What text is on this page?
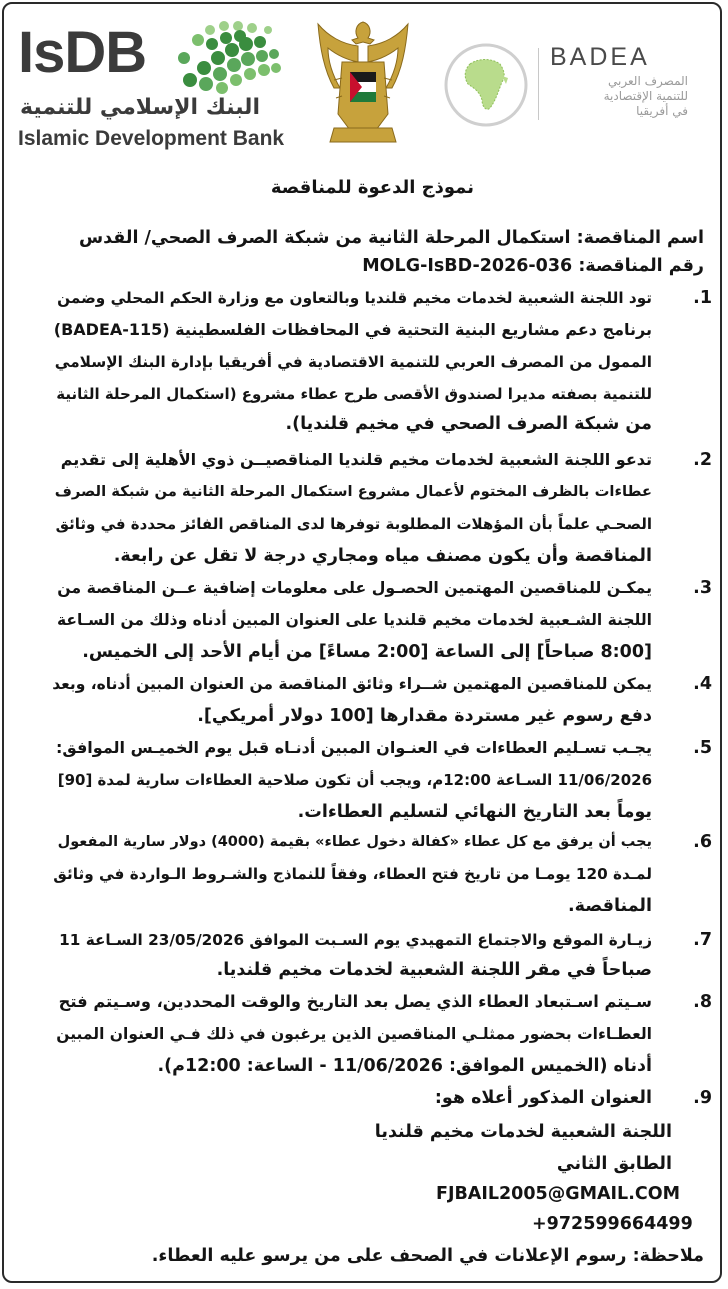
IsDB
البنك الإسلامي للتنمية
Islamic Development Bank
BADEA
المصرف العربي
للتنمية الإقتصادية
في أفريقيا
نموذج الدعوة للمناقصة
اسم المناقصة: استكمال المرحلة الثانية من شبكة الصرف الصحي/ القدس
رقم المناقصة: MOLG-IsBD-2026-036
.1
تود اللجنة الشعبية لخدمات مخيم قلنديا وبالتعاون مع وزارة الحكم المحلي وضمن
برنامج دعم مشاريع البنية التحتية في المحافظات الفلسطينية (BADEA-115)
الممول من المصرف العربي للتنمية الاقتصادية في أفريقيا بإدارة البنك الإسلامي
للتنمية بصفته مديرا لصندوق الأقصى طرح عطاء مشروع (استكمال المرحلة الثانية
من شبكة الصرف الصحي في مخيم قلنديا).
.2
تدعو اللجنة الشعبية لخدمات مخيم قلنديا المناقصيــن ذوي الأهلية إلى تقديم
عطاءات بالظرف المختوم لأعمال مشروع استكمال المرحلة الثانية من شبكة الصرف
الصحـي علماً بأن المؤهلات المطلوبة توفرها لدى المناقص الفائز محددة في وثائق
المناقصة وأن يكون مصنف مياه ومجاري درجة لا تقل عن رابعة.
.3
يمكـن للمناقصين المهتمين الحصـول على معلومات إضافية عــن المناقصة من
اللجنة الشـعبية لخدمات مخيم قلنديا على العنوان المبين أدناه وذلك من السـاعة
[8:00 صباحاً] إلى الساعة [2:00 مساءً] من أيام الأحد إلى الخميس.
.4
يمكن للمناقصين المهتمين شــراء وثائق المناقصة من العنوان المبين أدناه، وبعد
دفع رسوم غير مستردة مقدارها [100 دولار أمريكي].
.5
يجـب تسـليم العطاءات في العنـوان المبين أدنـاه قبل يوم الخميـس الموافق:
11/06/2026 السـاعة 12:00م، ويجب أن تكون صلاحية العطاءات سارية لمدة [90]
يوماً بعد التاريخ النهائي لتسليم العطاءات.
.6
يجب أن يرفق مع كل عطاء «كفالة دخول عطاء» بقيمة (4000) دولار سارية المفعول
لمـدة 120 يومـا من تاريخ فتح العطاء، وفقاً للنماذج والشـروط الـواردة في وثائق
المناقصة.
.7
زيـارة الموقع والاجتماع التمهيدي يوم السـبت الموافق 23/05/2026 السـاعة 11
صباحاً في مقر اللجنة الشعبية لخدمات مخيم قلنديا.
.8
سـيتم اسـتبعاد العطاء الذي يصل بعد التاريخ والوقت المحددين، وسـيتم فتح
العطـاءات بحضور ممثلـي المناقصين الذين يرغبون في ذلك فـي العنوان المبين
أدناه (الخميس الموافق: 11/06/2026 - الساعة: 12:00م).
.9
العنوان المذكور أعلاه هو:
اللجنة الشعبية لخدمات مخيم قلنديا
الطابق الثاني
FJBAIL2005@GMAIL.COM
+972599664499
ملاحظة: رسوم الإعلانات في الصحف على من يرسو عليه العطاء.
